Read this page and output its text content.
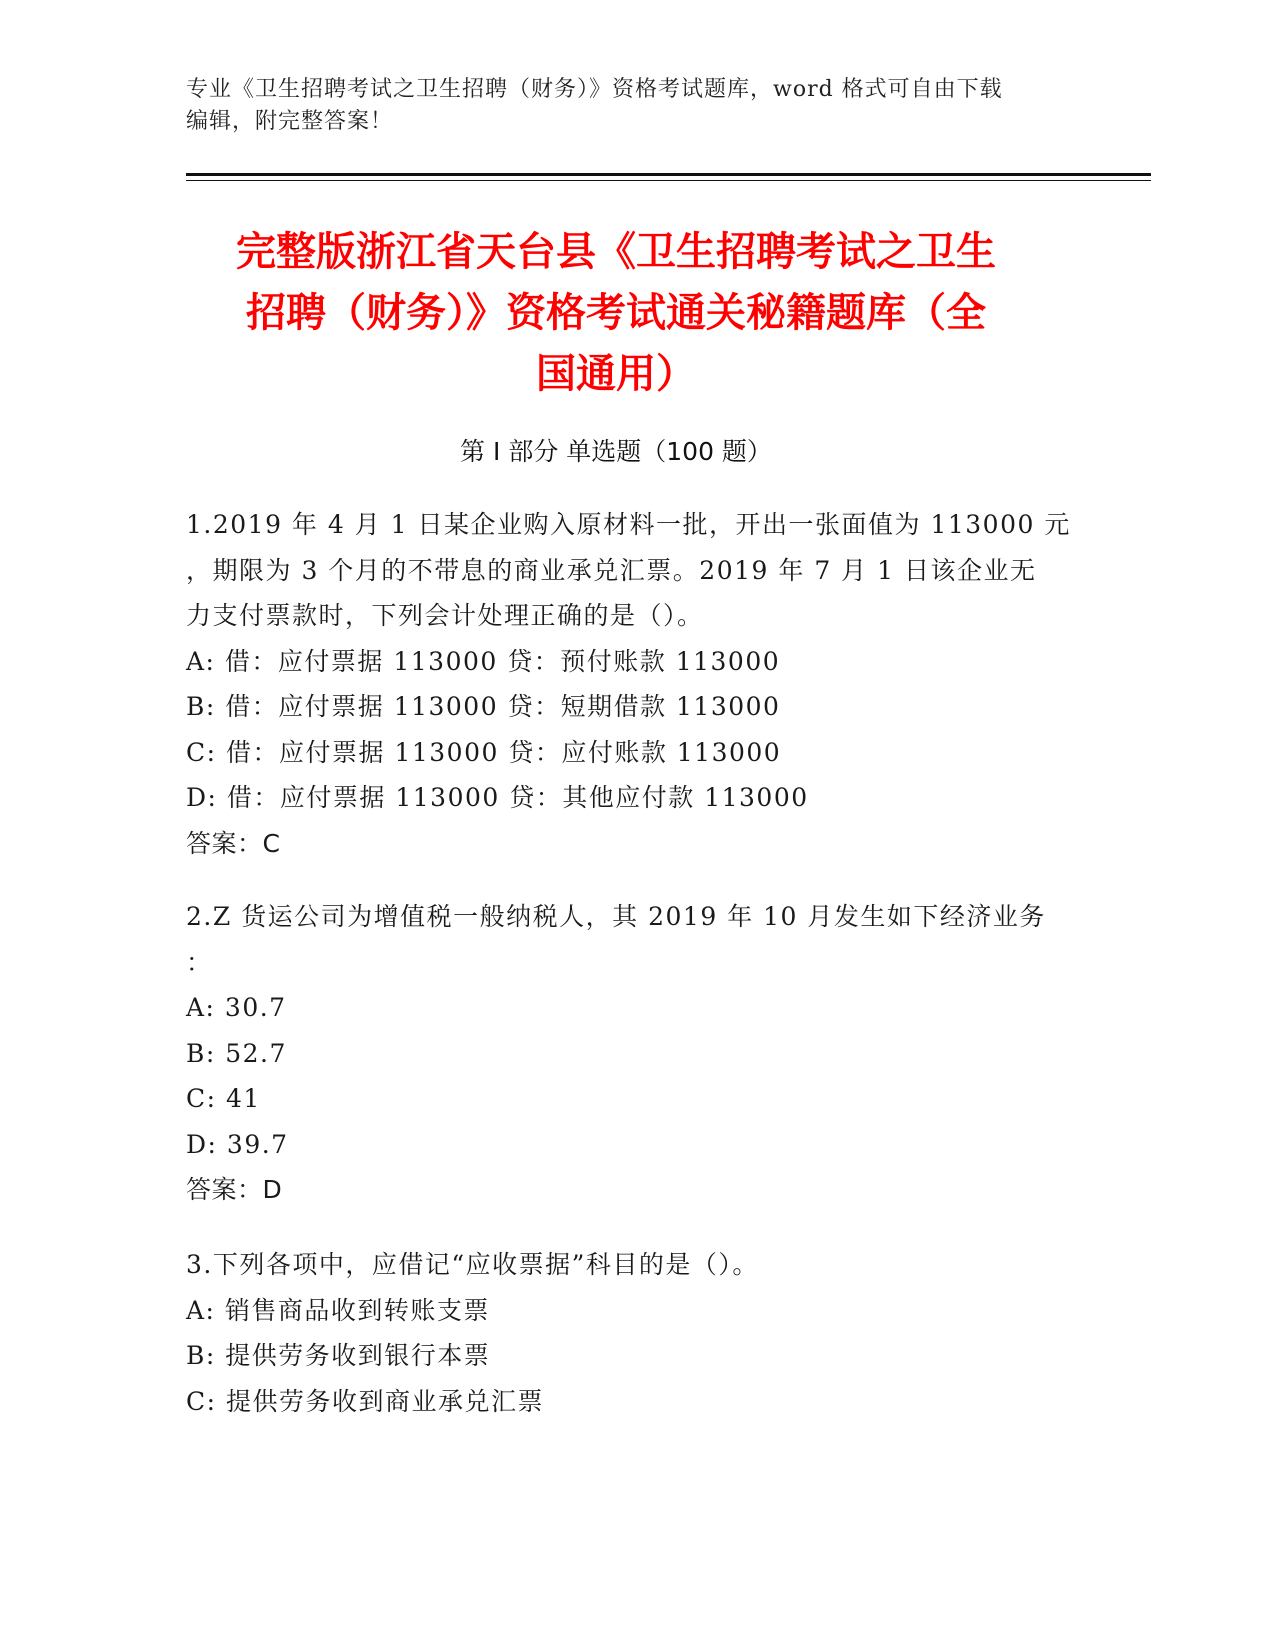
专业《卫生招聘考试之卫生招聘（财务）》资格考试题库，word 格式可自由下载
编辑，附完整答案！
完整版浙江省天台县《卫生招聘考试之卫生
招聘（财务）》资格考试通关秘籍题库（全
国通用）
第 I 部分 单选题（100 题）
1.2019 年 4 月 1 日某企业购入原材料一批，开出一张面值为 113000 元
，期限为 3 个月的不带息的商业承兑汇票。2019 年 7 月 1 日该企业无
力支付票款时，下列会计处理正确的是（）。
A: 借：应付票据 113000 贷：预付账款 113000
B: 借：应付票据 113000 贷：短期借款 113000
C: 借：应付票据 113000 贷：应付账款 113000
D: 借：应付票据 113000 贷：其他应付款 113000
答案：C
2.Z 货运公司为增值税一般纳税人，其 2019 年 10 月发生如下经济业务
：
A: 30.7
B: 52.7
C: 41
D: 39.7
答案：D
3.下列各项中，应借记“应收票据”科目的是（）。
A: 销售商品收到转账支票
B: 提供劳务收到银行本票
C: 提供劳务收到商业承兑汇票
